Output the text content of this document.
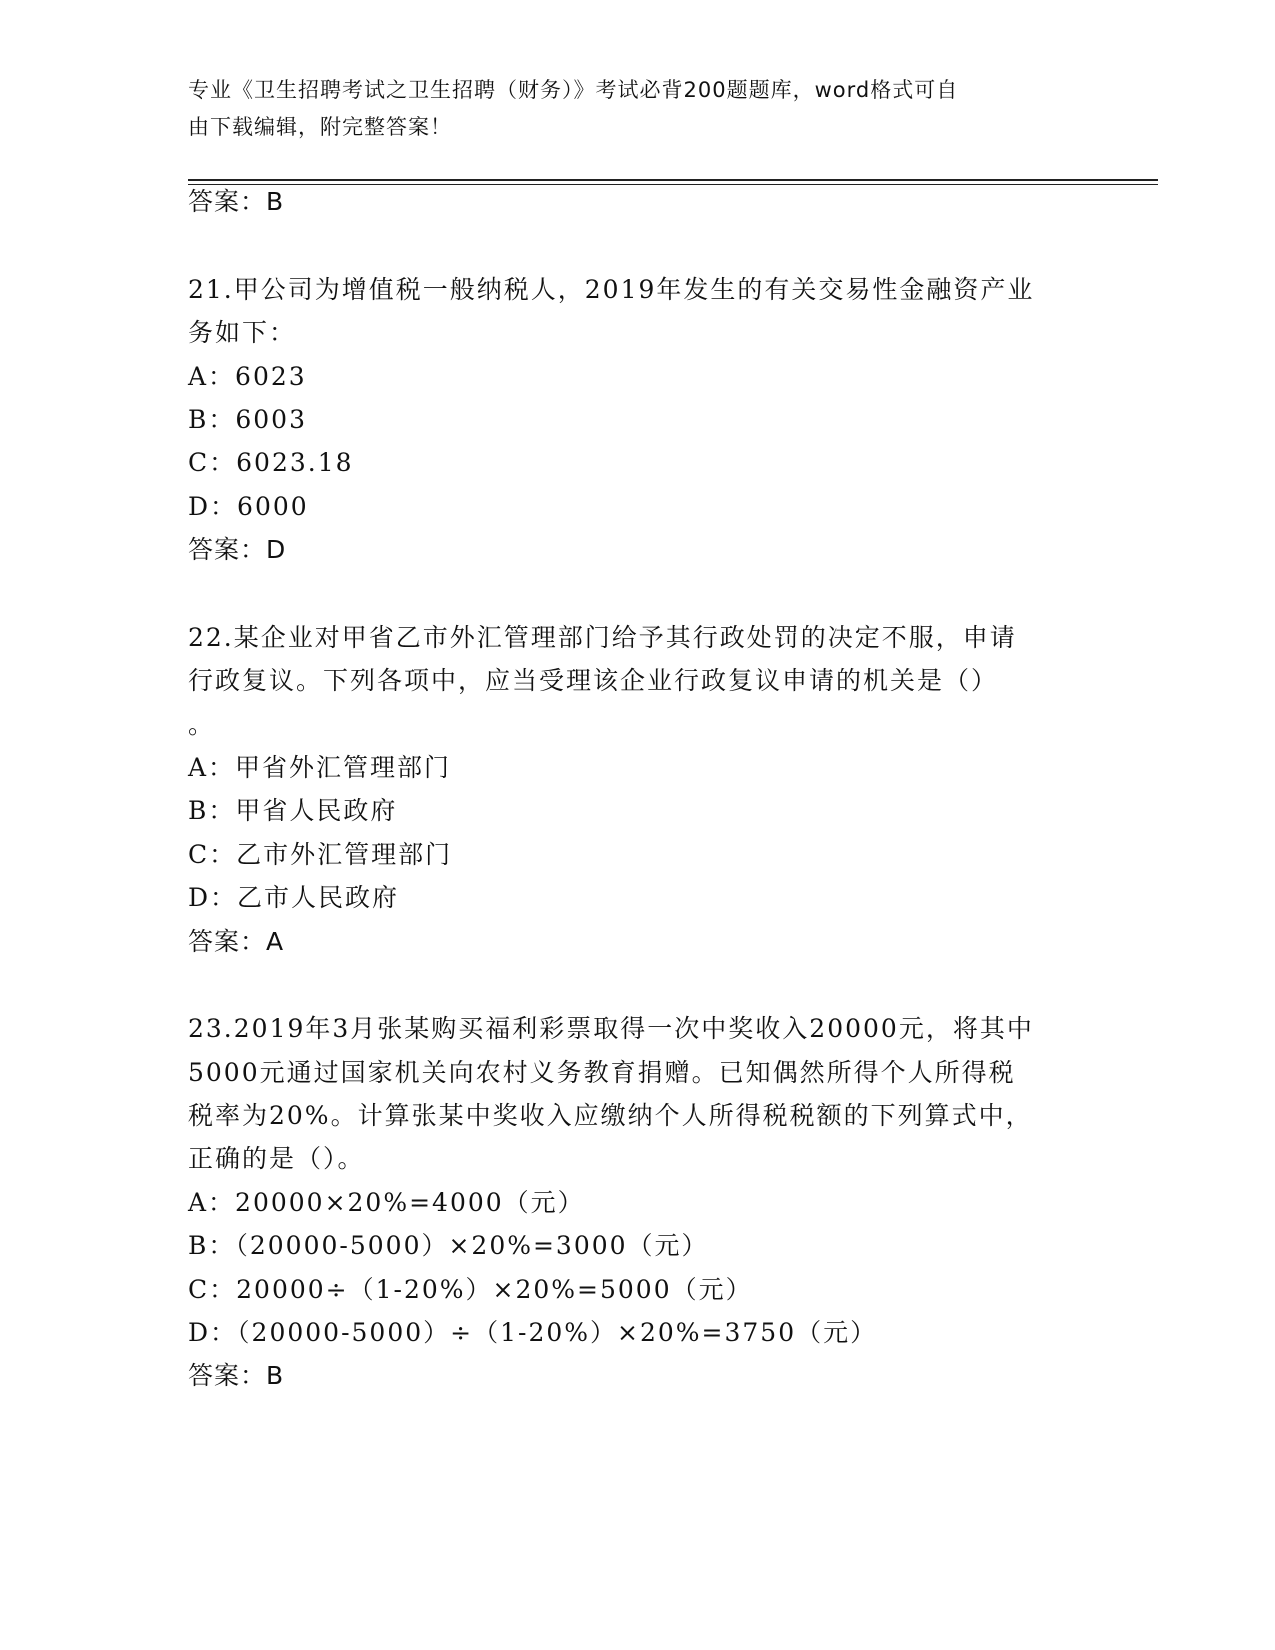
专业《卫生招聘考试之卫生招聘（财务）》考试必背200题题库，word格式可自
由下载编辑，附完整答案！
答案：B
21.甲公司为增值税一般纳税人，2019年发生的有关交易性金融资产业
务如下：
A：6023
B：6003
C：6023.18
D：6000
答案：D
22.某企业对甲省乙市外汇管理部门给予其行政处罚的决定不服，申请
行政复议。下列各项中，应当受理该企业行政复议申请的机关是（）
。
A：甲省外汇管理部门
B：甲省人民政府
C：乙市外汇管理部门
D：乙市人民政府
答案：A
23.2019年3月张某购买福利彩票取得一次中奖收入20000元，将其中
5000元通过国家机关向农村义务教育捐赠。已知偶然所得个人所得税
税率为20%。计算张某中奖收入应缴纳个人所得税税额的下列算式中，
正确的是（）。
A：20000×20%=4000（元）
B：（20000-5000）×20%=3000（元）
C：20000÷（1-20%）×20%=5000（元）
D：（20000-5000）÷（1-20%）×20%=3750（元）
答案：B
